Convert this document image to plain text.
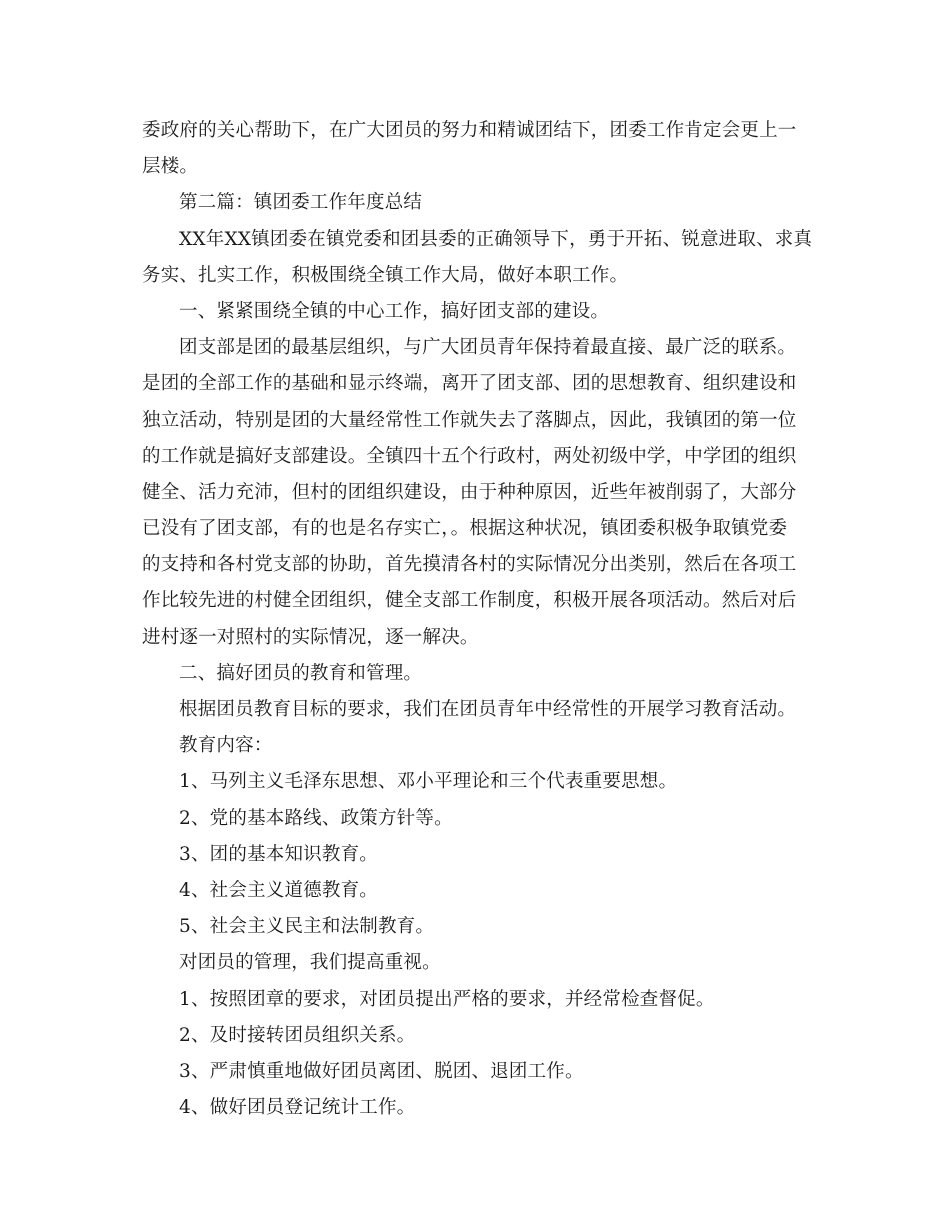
委政府的关心帮助下，在广大团员的努力和精诚团结下，团委工作肯定会更上一
层楼。
第二篇：镇团委工作年度总结
XX年XX镇团委在镇党委和团县委的正确领导下，勇于开拓、锐意进取、求真
务实、扎实工作，积极围绕全镇工作大局，做好本职工作。
一、紧紧围绕全镇的中心工作，搞好团支部的建设。
团支部是团的最基层组织，与广大团员青年保持着最直接、最广泛的联系。
是团的全部工作的基础和显示终端，离开了团支部、团的思想教育、组织建设和
独立活动，特别是团的大量经常性工作就失去了落脚点，因此，我镇团的第一位
的工作就是搞好支部建设。全镇四十五个行政村，两处初级中学，中学团的组织
健全、活力充沛，但村的团组织建设，由于种种原因，近些年被削弱了，大部分
已没有了团支部，有的也是名存实亡，。根据这种状况，镇团委积极争取镇党委
的支持和各村党支部的协助，首先摸清各村的实际情况分出类别，然后在各项工
作比较先进的村健全团组织，健全支部工作制度，积极开展各项活动。然后对后
进村逐一对照村的实际情况，逐一解决。
二、搞好团员的教育和管理。
根据团员教育目标的要求，我们在团员青年中经常性的开展学习教育活动。
教育内容：
1、马列主义毛泽东思想、邓小平理论和三个代表重要思想。
2、党的基本路线、政策方针等。
3、团的基本知识教育。
4、社会主义道德教育。
5、社会主义民主和法制教育。
对团员的管理，我们提高重视。
1、按照团章的要求，对团员提出严格的要求，并经常检查督促。
2、及时接转团员组织关系。
3、严肃慎重地做好团员离团、脱团、退团工作。
4、做好团员登记统计工作。
